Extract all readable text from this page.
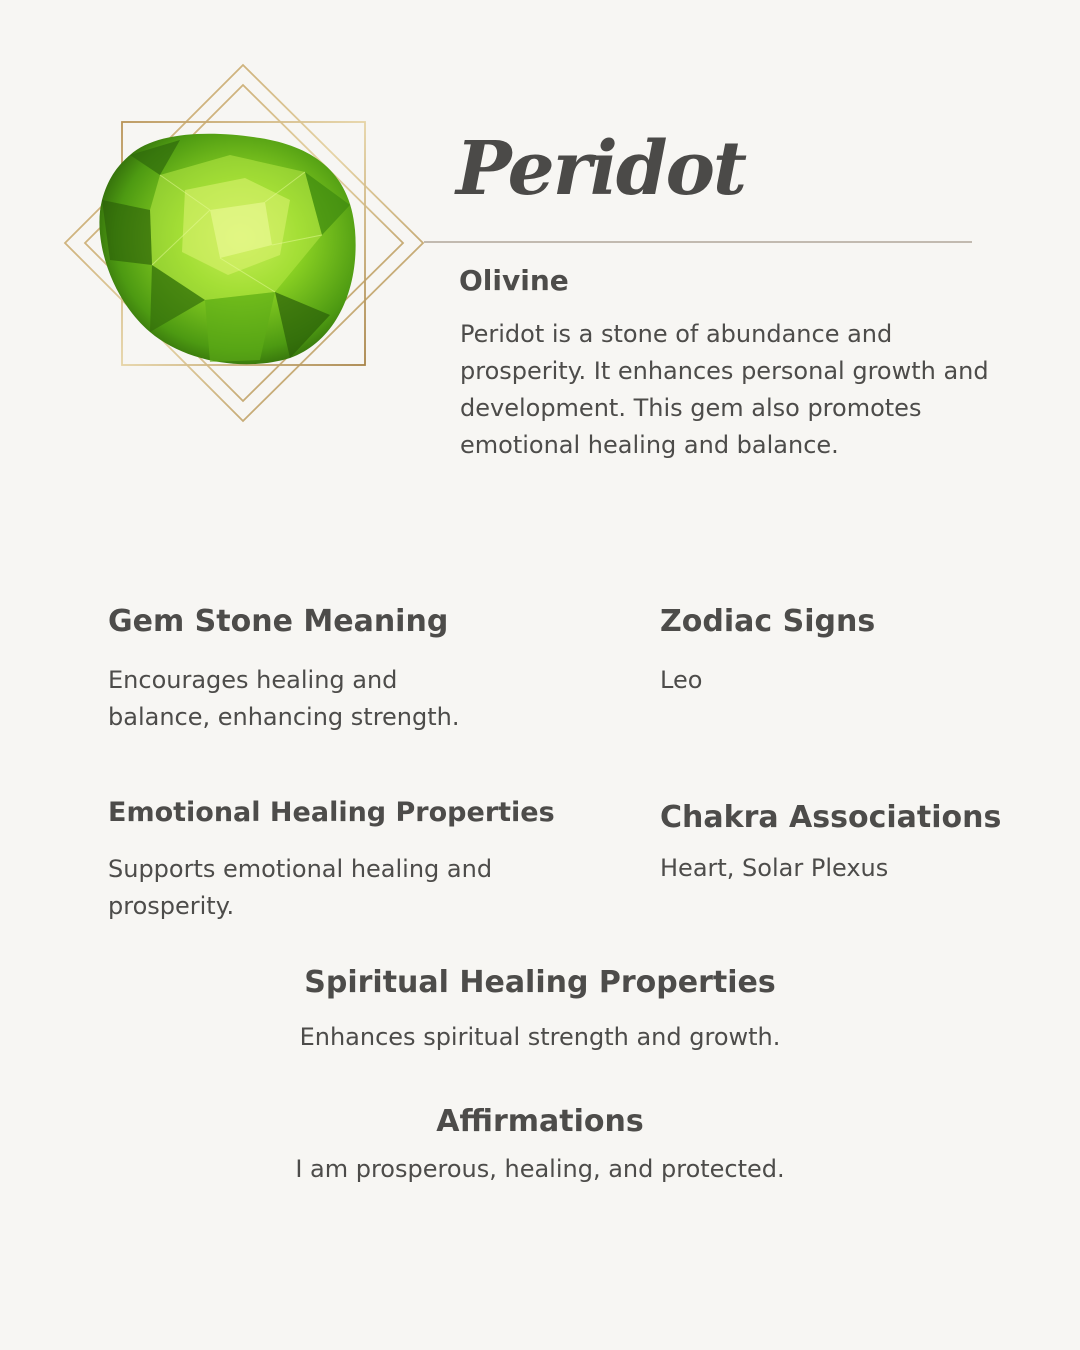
Peridot
Olivine

Peridot is a stone of abundance and prosperity. It enhances personal growth and development. This gem also promotes emotional healing and balance.

Gem Stone Meaning

Encourages healing and balance, enhancing strength.

Zodiac Signs

Leo

Emotional Healing Properties

Supports emotional healing and prosperity.

Chakra Associations

Heart, Solar Plexus

Spiritual Healing Properties

Enhances spiritual strength and growth.

Affirmations

I am prosperous, healing, and protected.
